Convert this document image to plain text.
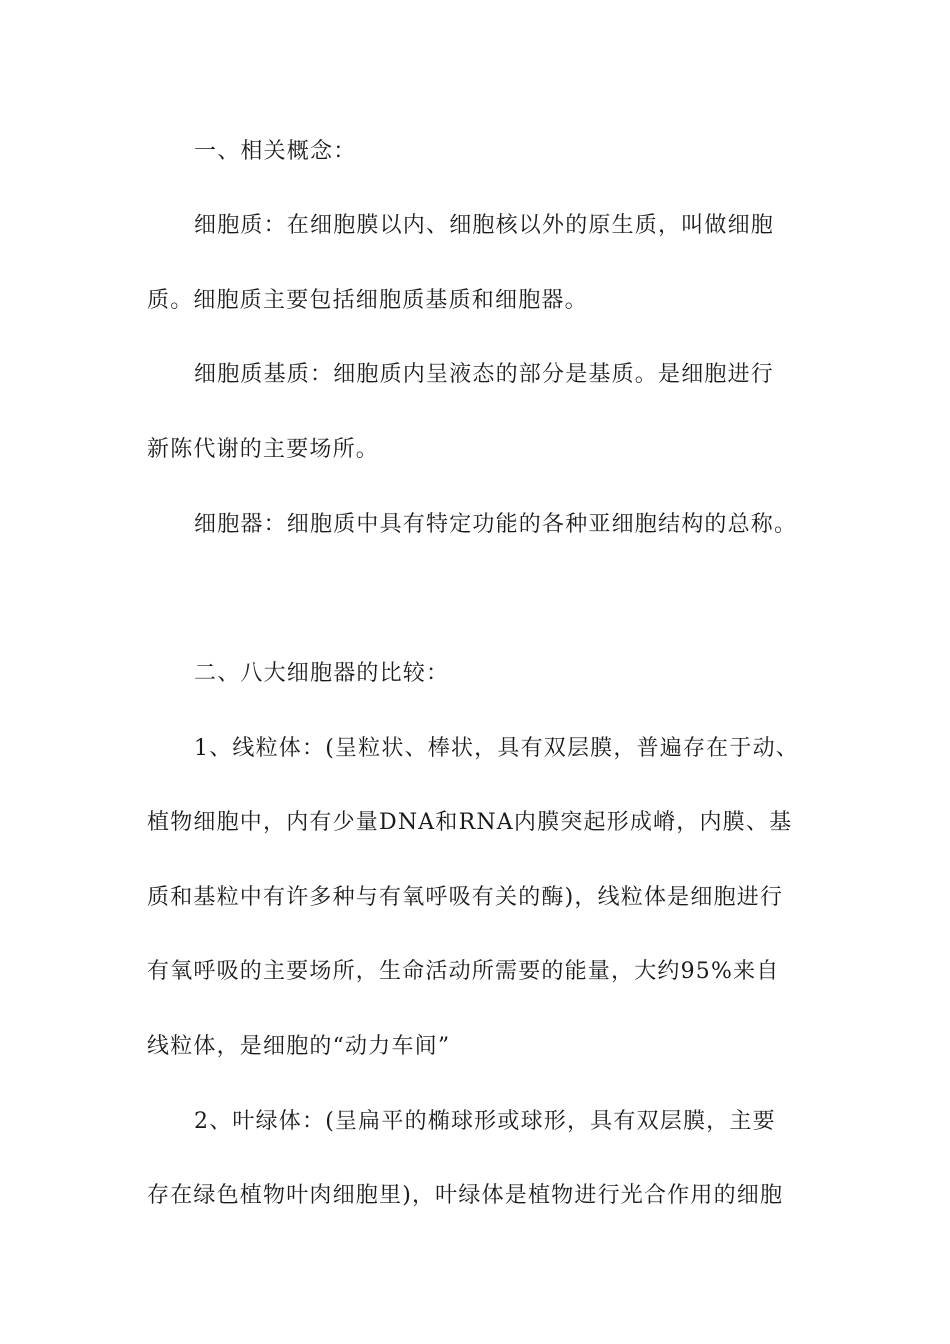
一、相关概念：
细胞质：在细胞膜以内、细胞核以外的原生质，叫做细胞
质。细胞质主要包括细胞质基质和细胞器。
细胞质基质：细胞质内呈液态的部分是基质。是细胞进行
新陈代谢的主要场所。
细胞器：细胞质中具有特定功能的各种亚细胞结构的总称。
二、八大细胞器的比较：
1、线粒体：(呈粒状、棒状，具有双层膜，普遍存在于动、
植物细胞中，内有少量DNA和RNA内膜突起形成嵴，内膜、基
质和基粒中有许多种与有氧呼吸有关的酶)，线粒体是细胞进行
有氧呼吸的主要场所，生命活动所需要的能量，大约95%来自
线粒体，是细胞的“动力车间”
2、叶绿体：(呈扁平的椭球形或球形，具有双层膜，主要
存在绿色植物叶肉细胞里)，叶绿体是植物进行光合作用的细胞
